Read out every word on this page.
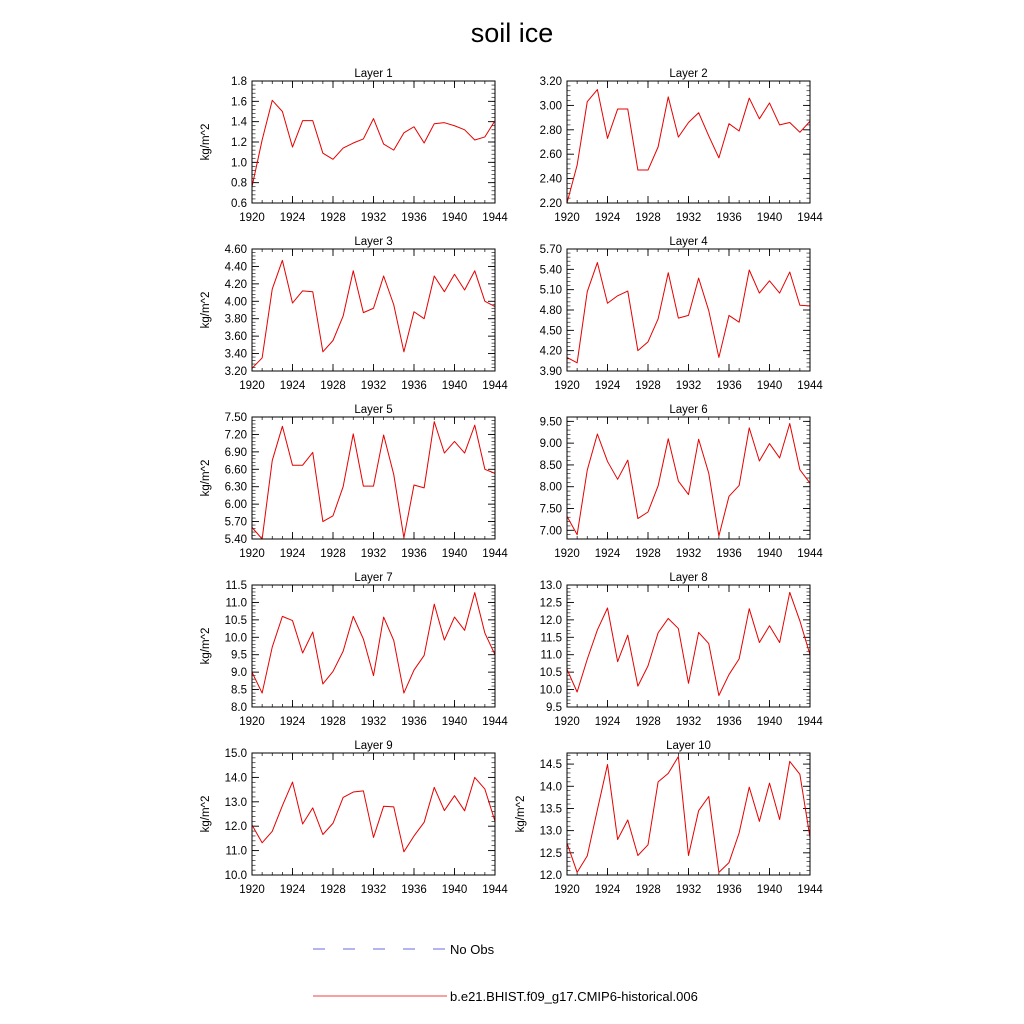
soil ice
Layer 1
kg/m^2
1920 1924 1928 1932 1936 1940 1944
0.6
0.8
1.0
1.2
1.4
1.6
1.8
Layer 2
1920 1924 1928 1932 1936 1940 1944
2.20
2.40
2.60
2.80
3.00
3.20
Layer 3
kg/m^2
1920 1924 1928 1932 1936 1940 1944
3.20
3.40
3.60
3.80
4.00
4.20
4.40
4.60
Layer 4
1920 1924 1928 1932 1936 1940 1944
3.90
4.20
4.50
4.80
5.10
5.40
5.70
Layer 5
kg/m^2
1920 1924 1928 1932 1936 1940 1944
5.40
5.70
6.00
6.30
6.60
6.90
7.20
7.50
Layer 6
1920 1924 1928 1932 1936 1940 1944
7.00
7.50
8.00
8.50
9.00
9.50
Layer 7
kg/m^2
1920 1924 1928 1932 1936 1940 1944
8.0
8.5
9.0
9.5
10.0
10.5
11.0
11.5
Layer 8
1920 1924 1928 1932 1936 1940 1944
9.5
10.0
10.5
11.0
11.5
12.0
12.5
13.0
Layer 9
kg/m^2
1920 1924 1928 1932 1936 1940 1944
10.0
11.0
12.0
13.0
14.0
15.0
Layer 10
kg/m^2
1920 1924 1928 1932 1936 1940 1944
12.0
12.5
13.0
13.5
14.0
14.5
No Obs
b.e21.BHIST.f09_g17.CMIP6-historical.006
